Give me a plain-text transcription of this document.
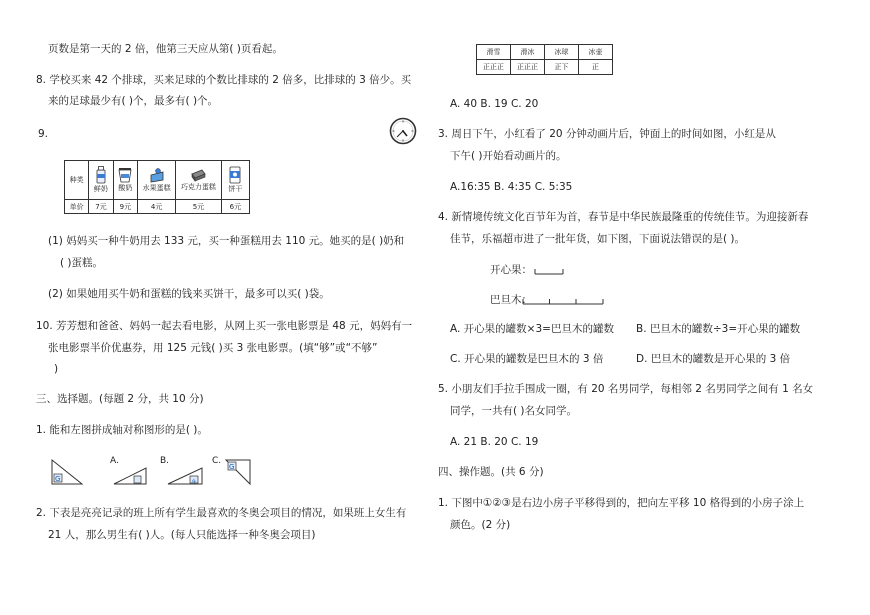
页数是第一天的 2 倍，他第三天应从第( )页看起。
8. 学校买来 42 个排球，买来足球的个数比排球的 2 倍多，比排球的 3 倍少。买
来的足球最少有( )个，最多有( )个。
9.
种类	鲜奶	酸奶	水果蛋糕	巧克力蛋糕	饼干

单价	7元	9元	4元	5元	6元
(1) 妈妈买一种牛奶用去 133 元，买一种蛋糕用去 110 元。她买的是( )奶和
( )蛋糕。
(2) 如果她用买牛奶和蛋糕的钱来买饼干，最多可以买( )袋。
10. 芳芳想和爸爸、妈妈一起去看电影，从网上买一张电影票是 48 元，妈妈有一
张电影票半价优惠券，用 125 元钱( )买 3 张电影票。(填“够”或“不够”
)
三、选择题。(每题 2 分，共 10 分)
1. 能和左图拼成轴对称图形的是( )。
G
A.	B.
ɘ
C.
G
2. 下表是亮亮记录的班上所有学生最喜欢的冬奥会项目的情况，如果班上女生有
21 人，那么男生有( )人。(每人只能选择一种冬奥会项目)
滑雪	滑冰	冰球	冰壶
正正正	正正正	正下	正
A. 40 B. 19 C. 20
3. 周日下午，小红看了 20 分钟动画片后，钟面上的时间如图，小红是从
下午( )开始看动画片的。
A.16:35 B. 4:35 C. 5:35
4. 新情境传统文化百节年为首，春节是中华民族最隆重的传统佳节。为迎接新春
佳节，乐福超市进了一批年货，如下图，下面说法错误的是( )。
开心果：
巴旦木：
A. 开心果的罐数×3=巴旦木的罐数 B. 巴旦木的罐数÷3=开心果的罐数
C. 开心果的罐数是巴旦木的 3 倍	D. 巴旦木的罐数是开心果的 3 倍
5. 小朋友们手拉手围成一圈，有 20 名男同学，每相邻 2 名男同学之间有 1 名女
同学，一共有( )名女同学。
A. 21 B. 20 C. 19
四、操作题。(共 6 分)
1. 下图中①②③是右边小房子平移得到的，把向左平移 10 格得到的小房子涂上
颜色。(2 分)
